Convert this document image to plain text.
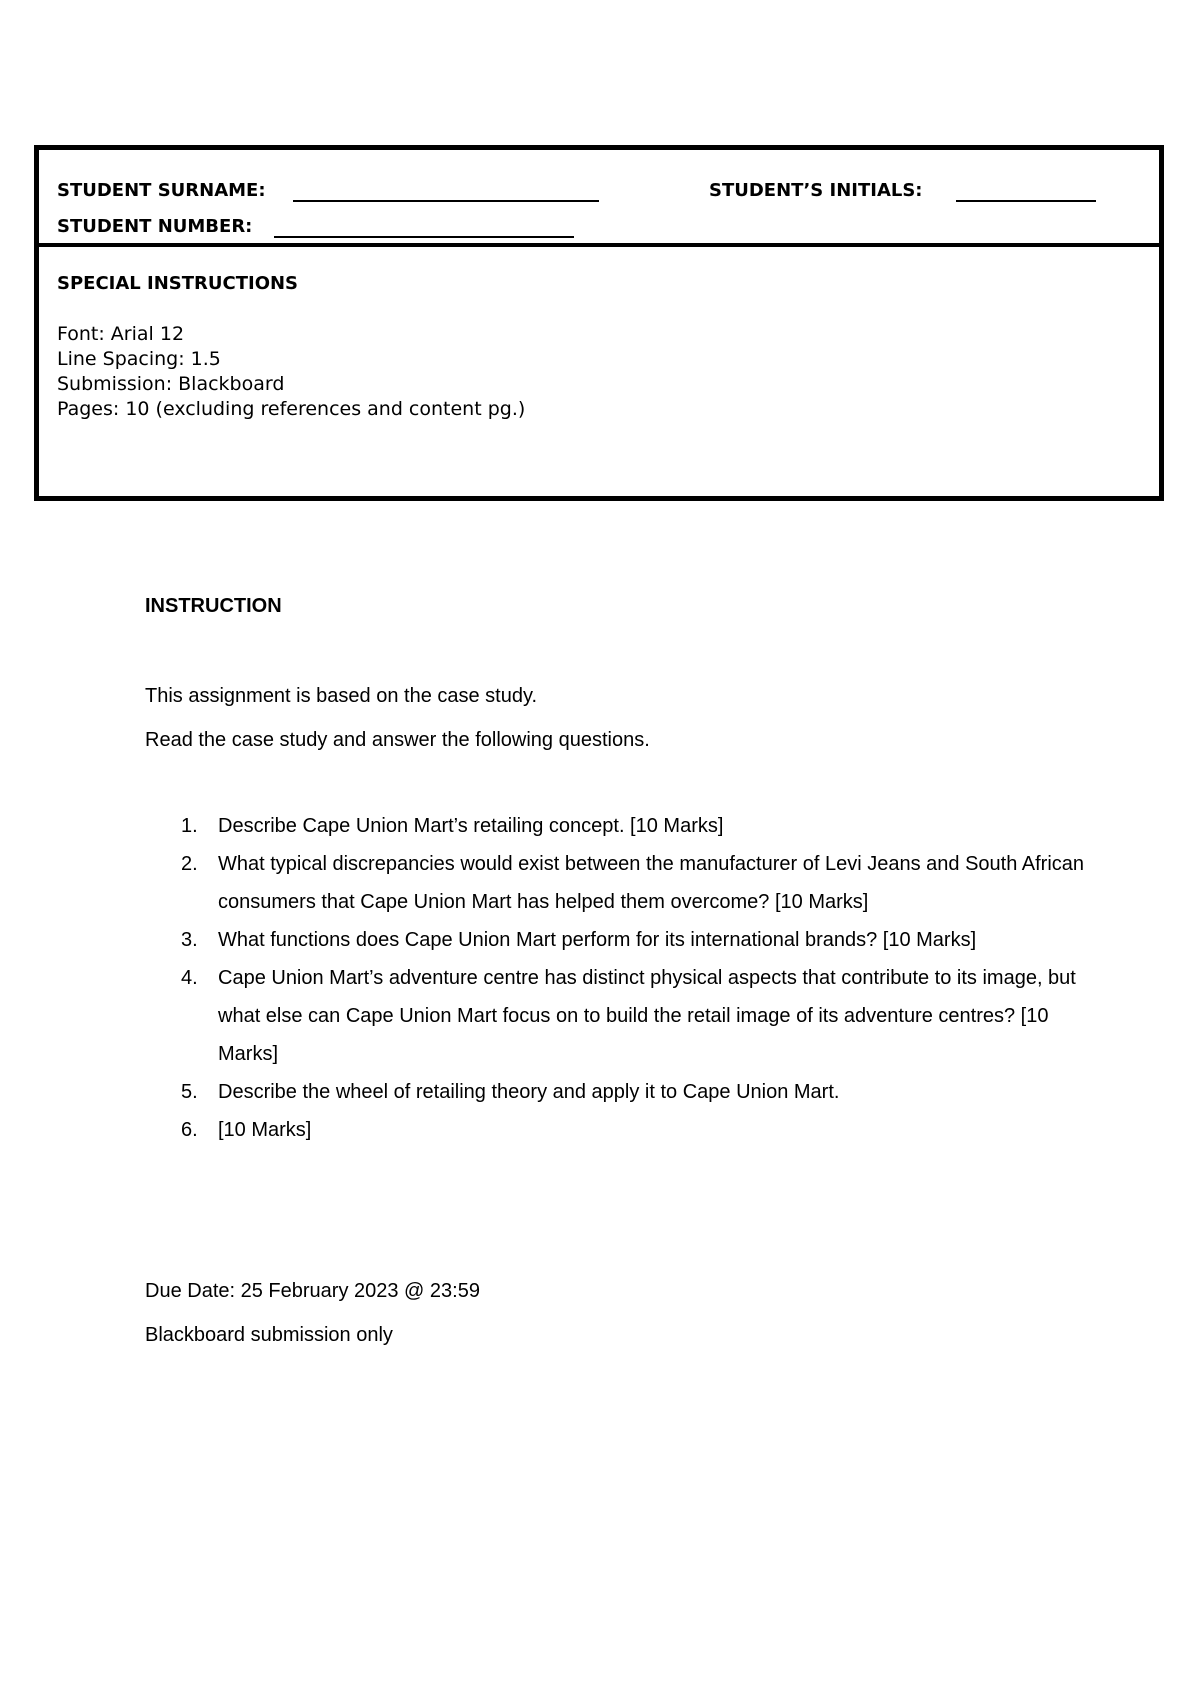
STUDENT SURNAME:	STUDENT’S INITIALS:
STUDENT NUMBER:
SPECIAL INSTRUCTIONS
Font: Arial 12
Line Spacing: 1.5
Submission: Blackboard
Pages: 10 (excluding references and content pg.)
INSTRUCTION
This assignment is based on the case study.
Read the case study and answer the following questions.
1. Describe Cape Union Mart’s retailing concept. [10 Marks]
2. What typical discrepancies would exist between the manufacturer of Levi Jeans and South African consumers that Cape Union Mart has helped them overcome? [10 Marks]
3. What functions does Cape Union Mart perform for its international brands? [10 Marks]
4. Cape Union Mart’s adventure centre has distinct physical aspects that contribute to its image, but what else can Cape Union Mart focus on to build the retail image of its adventure centres? [10 Marks]
5. Describe the wheel of retailing theory and apply it to Cape Union Mart.
6. [10 Marks]
Due Date: 25 February 2023 @ 23:59
Blackboard submission only
